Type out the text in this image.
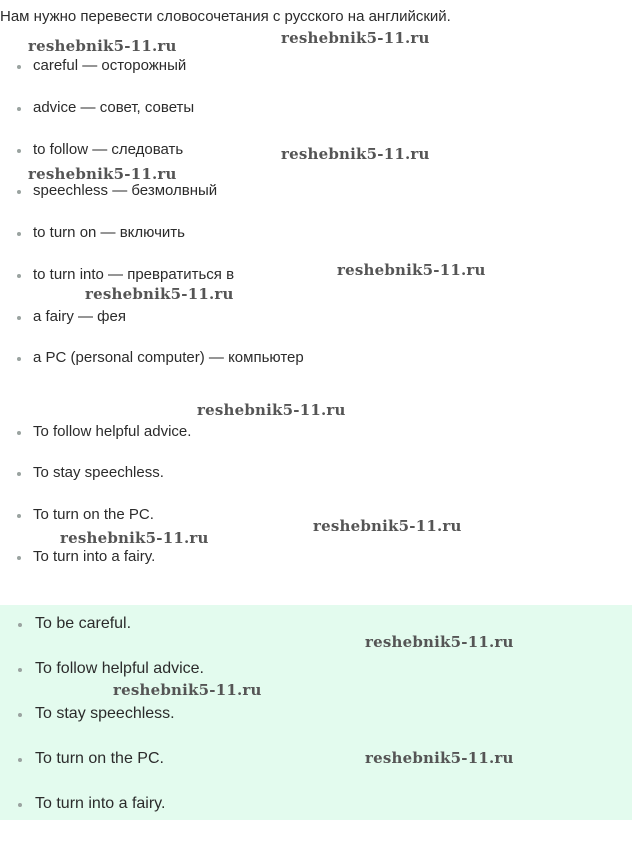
Нам нужно перевести словосочетания с русского на английский.
careful — осторожный
advice — совет, советы
to follow — следовать
speechless — безмолвный
to turn on — включить
to turn into — превратиться в
a fairy — фея
a PC (personal computer) — компьютер
To follow helpful advice.
To stay speechless.
To turn on the PC.
To turn into a fairy.
To be careful.
To follow helpful advice.
To stay speechless.
To turn on the PC.
To turn into a fairy.
reshebnik5-11.ru	reshebnik5-11.ru
reshebnik5-11.ru
reshebnik5-11.ru
reshebnik5-11.ru
reshebnik5-11.ru
reshebnik5-11.ru
reshebnik5-11.ru
reshebnik5-11.ru
reshebnik5-11.ru
reshebnik5-11.ru
reshebnik5-11.ru
